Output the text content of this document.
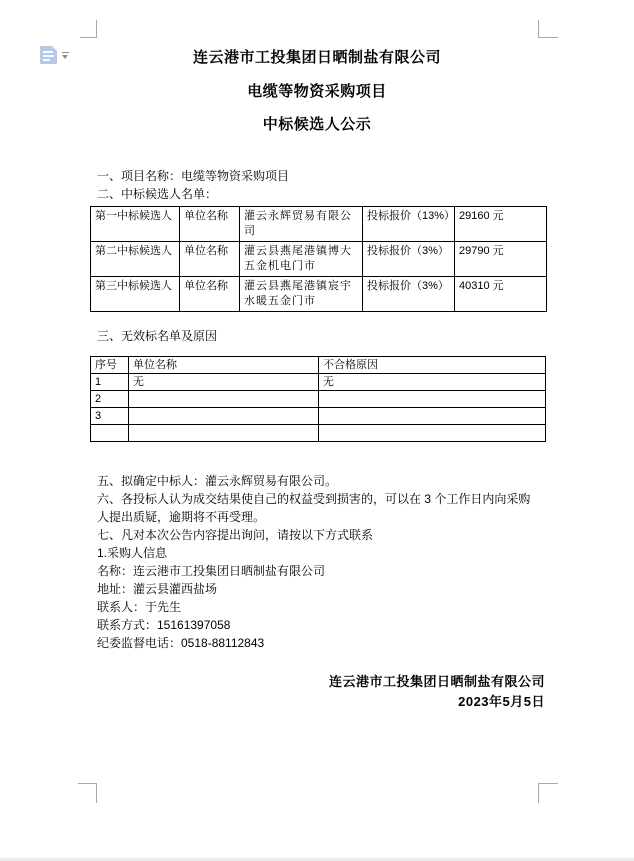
连云港市工投集团日晒制盐有限公司
电缆等物资采购项目
中标候选人公示
一、项目名称：电缆等物资采购项目
二、中标候选人名单：
第一中标候选人	单位名称	灌云永辉贸易有限公司	投标报价（13%）	29160 元
第二中标候选人	单位名称	灌云县燕尾港镇博大五金机电门市	投标报价（3%）	29790 元
第三中标候选人	单位名称	灌云县燕尾港镇宸宇水暖五金门市	投标报价（3%）	40310 元
三、无效标名单及原因
序号	单位名称	不合格原因
1	无	无
2		
3		

五、拟确定中标人：灌云永辉贸易有限公司。
六、各投标人认为成交结果使自己的权益受到损害的，可以在 3 个工作日内向采购人提出质疑，逾期将不再受理。
七、凡对本次公告内容提出询问，请按以下方式联系
1.采购人信息
名称：连云港市工投集团日晒制盐有限公司
地址：灌云县灌西盐场
联系人：于先生
联系方式：15161397058
纪委监督电话：0518-88112843
连云港市工投集团日晒制盐有限公司
2023年5月5日
